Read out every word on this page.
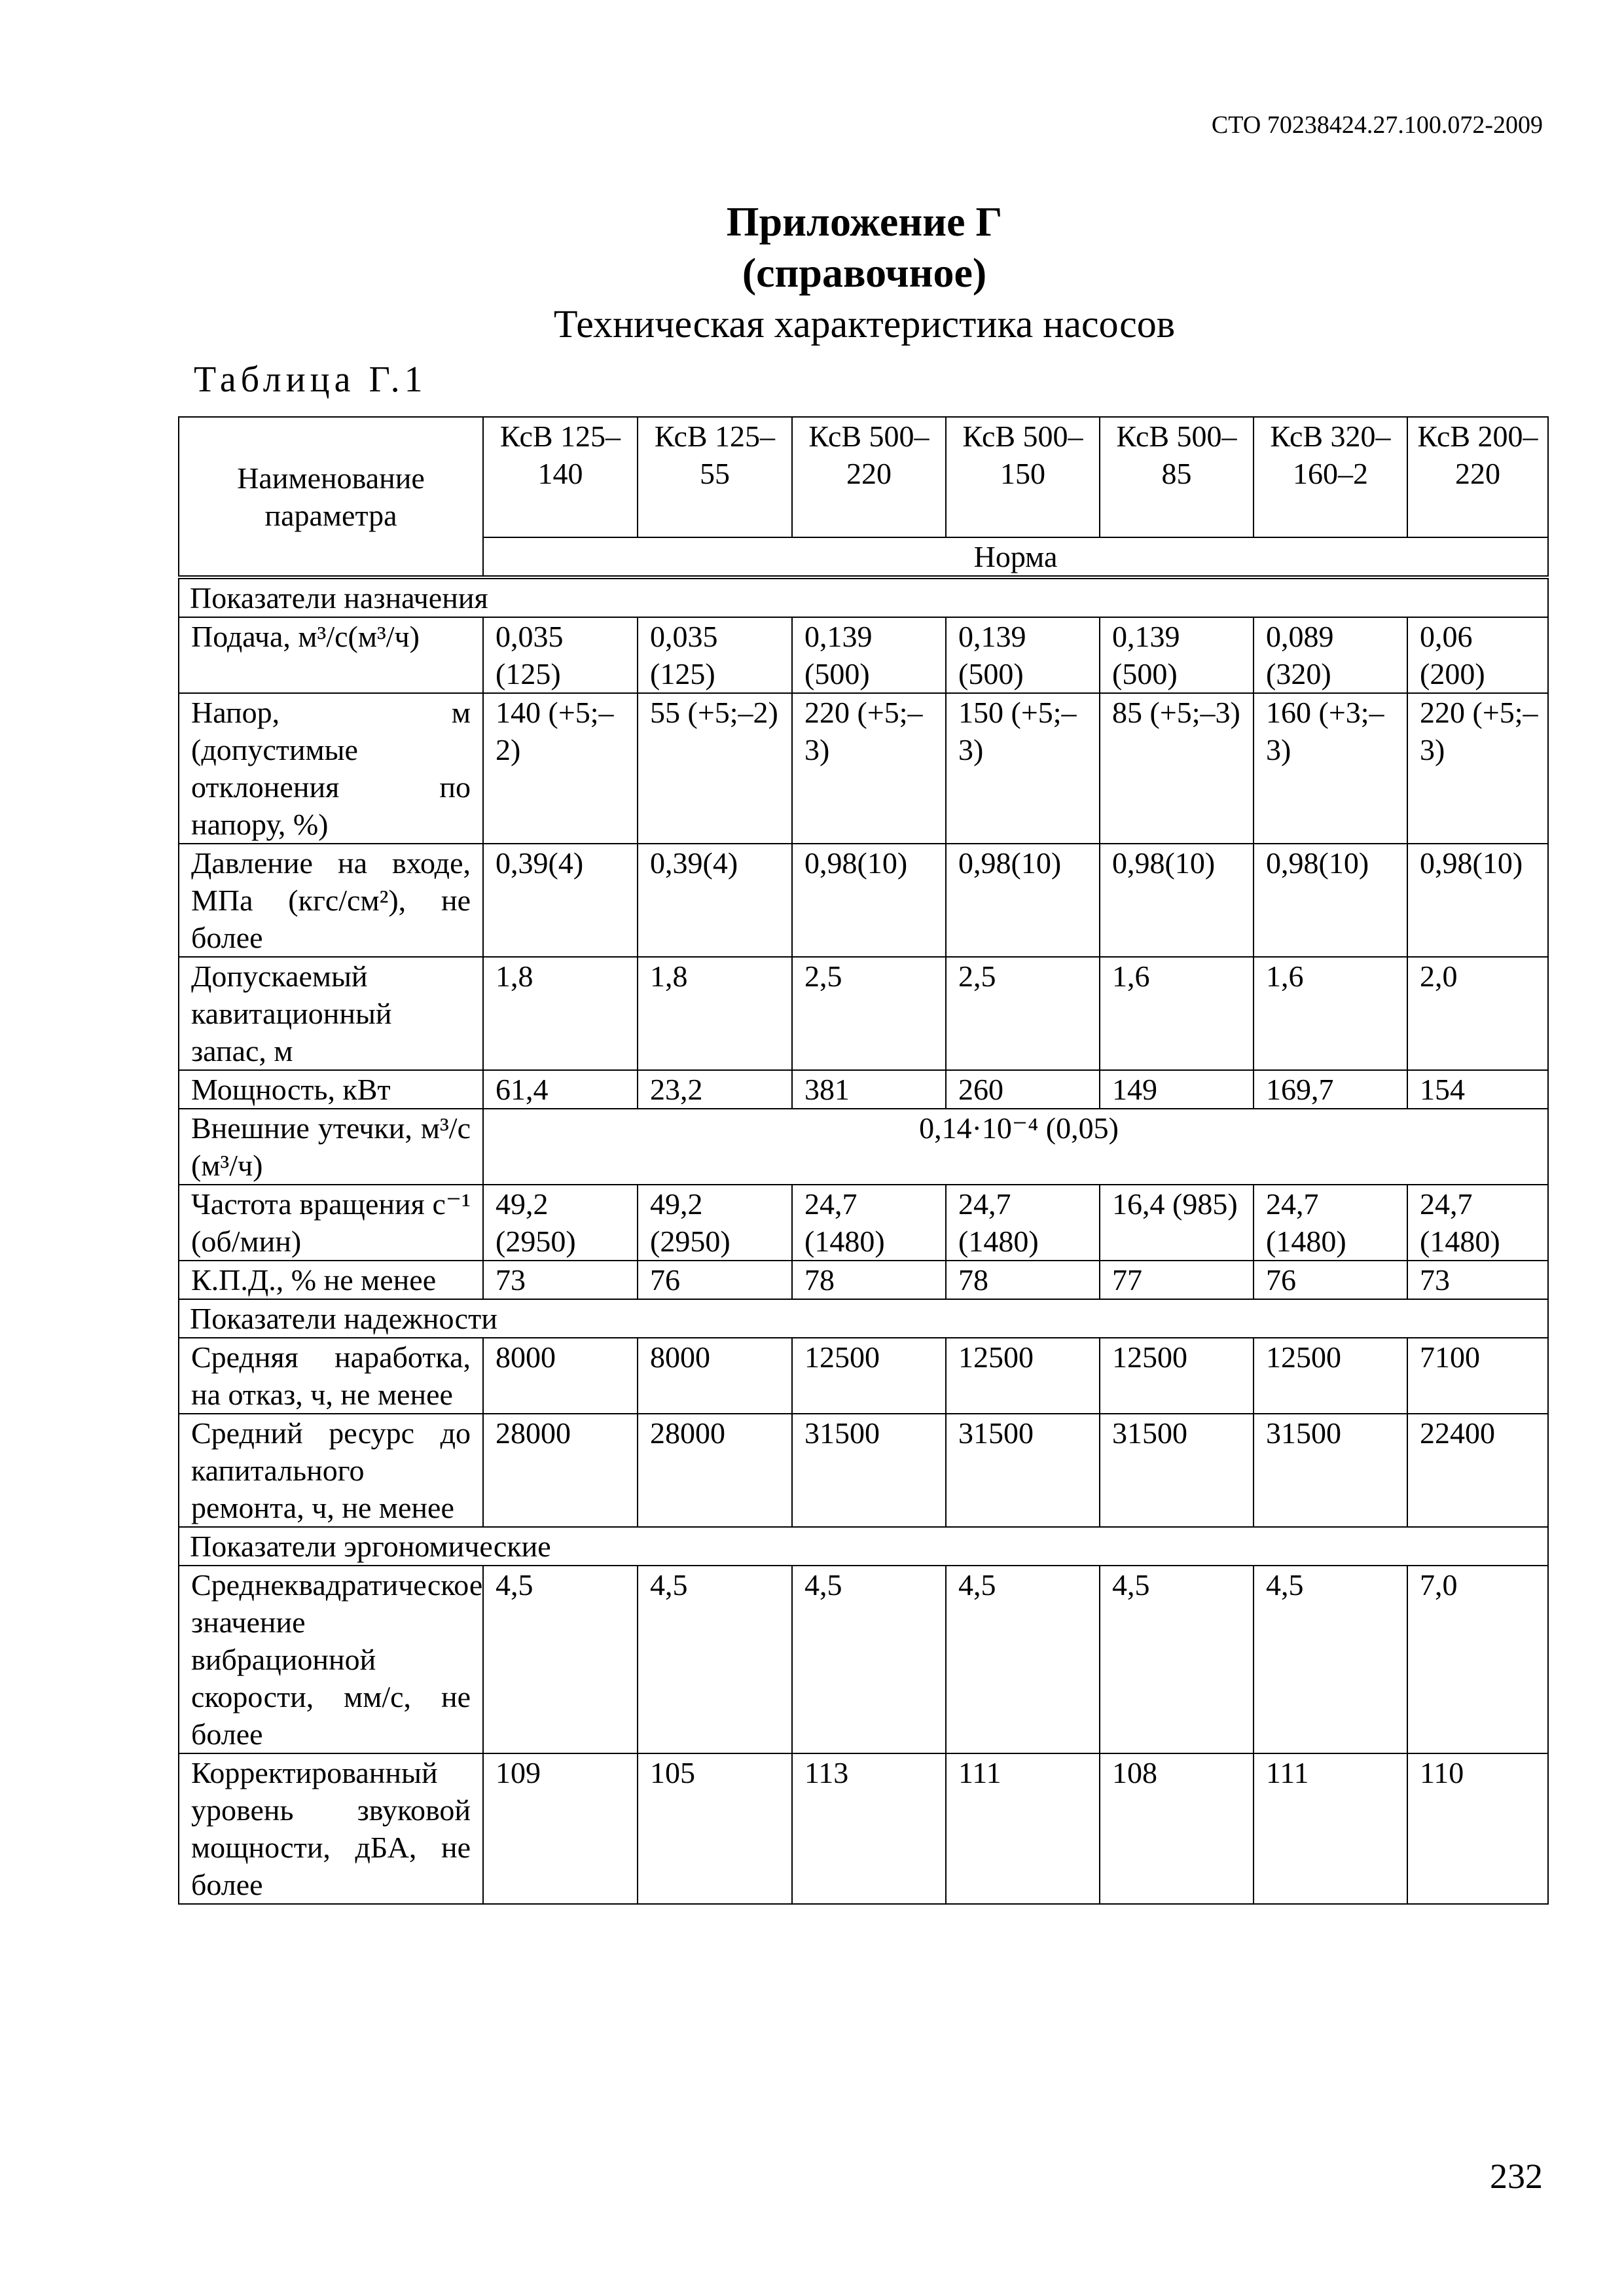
СТО 70238424.27.100.072-2009
Приложение Г
(справочное)
Техническая характеристика насосов
Таблица Г.1
Наименование параметра	КсВ 125–140	КсВ 125–55	КсВ 500–220	КсВ 500–150	КсВ 500–85	КсВ 320–160–2	КсВ 200–220
	Норма						
Показатели назначения							
Подача, м³/с(м³/ч)	0,035 (125)	0,035 (125)	0,139 (500)	0,139 (500)	0,139 (500)	0,089 (320)	0,06 (200)
Напор, м (допустимые отклонения по напору, %)	140 (+5;–2)	55 (+5;–2)	220 (+5;–3)	150 (+5;–3)	85 (+5;–3)	160 (+3;–3)	220 (+5;–3)
Давление на входе, МПа (кгс/см²), не более	0,39(4)	0,39(4)	0,98(10)	0,98(10)	0,98(10)	0,98(10)	0,98(10)
Допускаемый кавитационный запас, м	1,8	1,8	2,5	2,5	1,6	1,6	2,0
Мощность, кВт	61,4	23,2	381	260	149	169,7	154
Внешние утечки, м³/с (м³/ч)	0,14·10⁻⁴ (0,05)						
Частота вращения с⁻¹ (об/мин)	49,2 (2950)	49,2 (2950)	24,7 (1480)	24,7 (1480)	16,4 (985)	24,7 (1480)	24,7 (1480)
К.П.Д., % не менее	73	76	78	78	77	76	73
Показатели надежности							
Средняя наработка, на отказ, ч, не менее	8000	8000	12500	12500	12500	12500	7100
Средний ресурс до капитального ремонта, ч, не менее	28000	28000	31500	31500	31500	31500	22400
Показатели эргономические							
Среднеквадратическое значение вибрационной скорости, мм/с, не более	4,5	4,5	4,5	4,5	4,5	4,5	7,0
Корректированный уровень звуковой мощности, дБА, не более	109	105	113	111	108	111	110
232
